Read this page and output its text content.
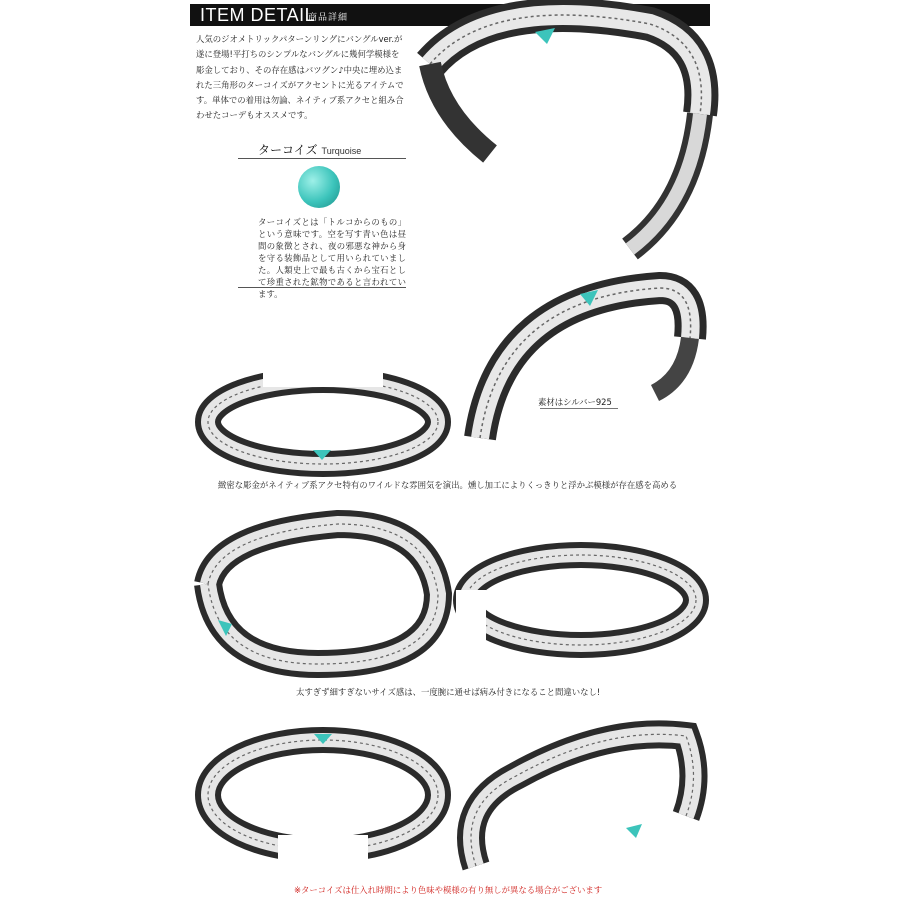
ITEM DETAIL
商品詳細
人気のジオメトリックパターンリングにバングルver.が遂に登場!平打ちのシンプルなバングルに幾何学模様を彫金しており、その存在感はバツグン♪中央に埋め込まれた三角形のターコイズがアクセントに光るアイテムです。単体での着用は勿論、ネイティブ系アクセと組み合わせたコーデもオススメです。
ターコイズ Turquoise
ターコイズとは「トルコからのもの」という意味です。空を写す青い色は昼間の象徴とされ、夜の邪悪な神から身を守る装飾品として用いられていました。人類史上で最も古くから宝石として珍重された鉱物であると言われています。
素材はシルバー925
緻密な彫金がネイティブ系アクセ特有のワイルドな雰囲気を演出。燻し加工によりくっきりと浮かぶ模様が存在感を高める
太すぎず細すぎないサイズ感は、一度腕に通せば病み付きになること間違いなし!
※ターコイズは仕入れ時期により色味や模様の有り無しが異なる場合がございます
